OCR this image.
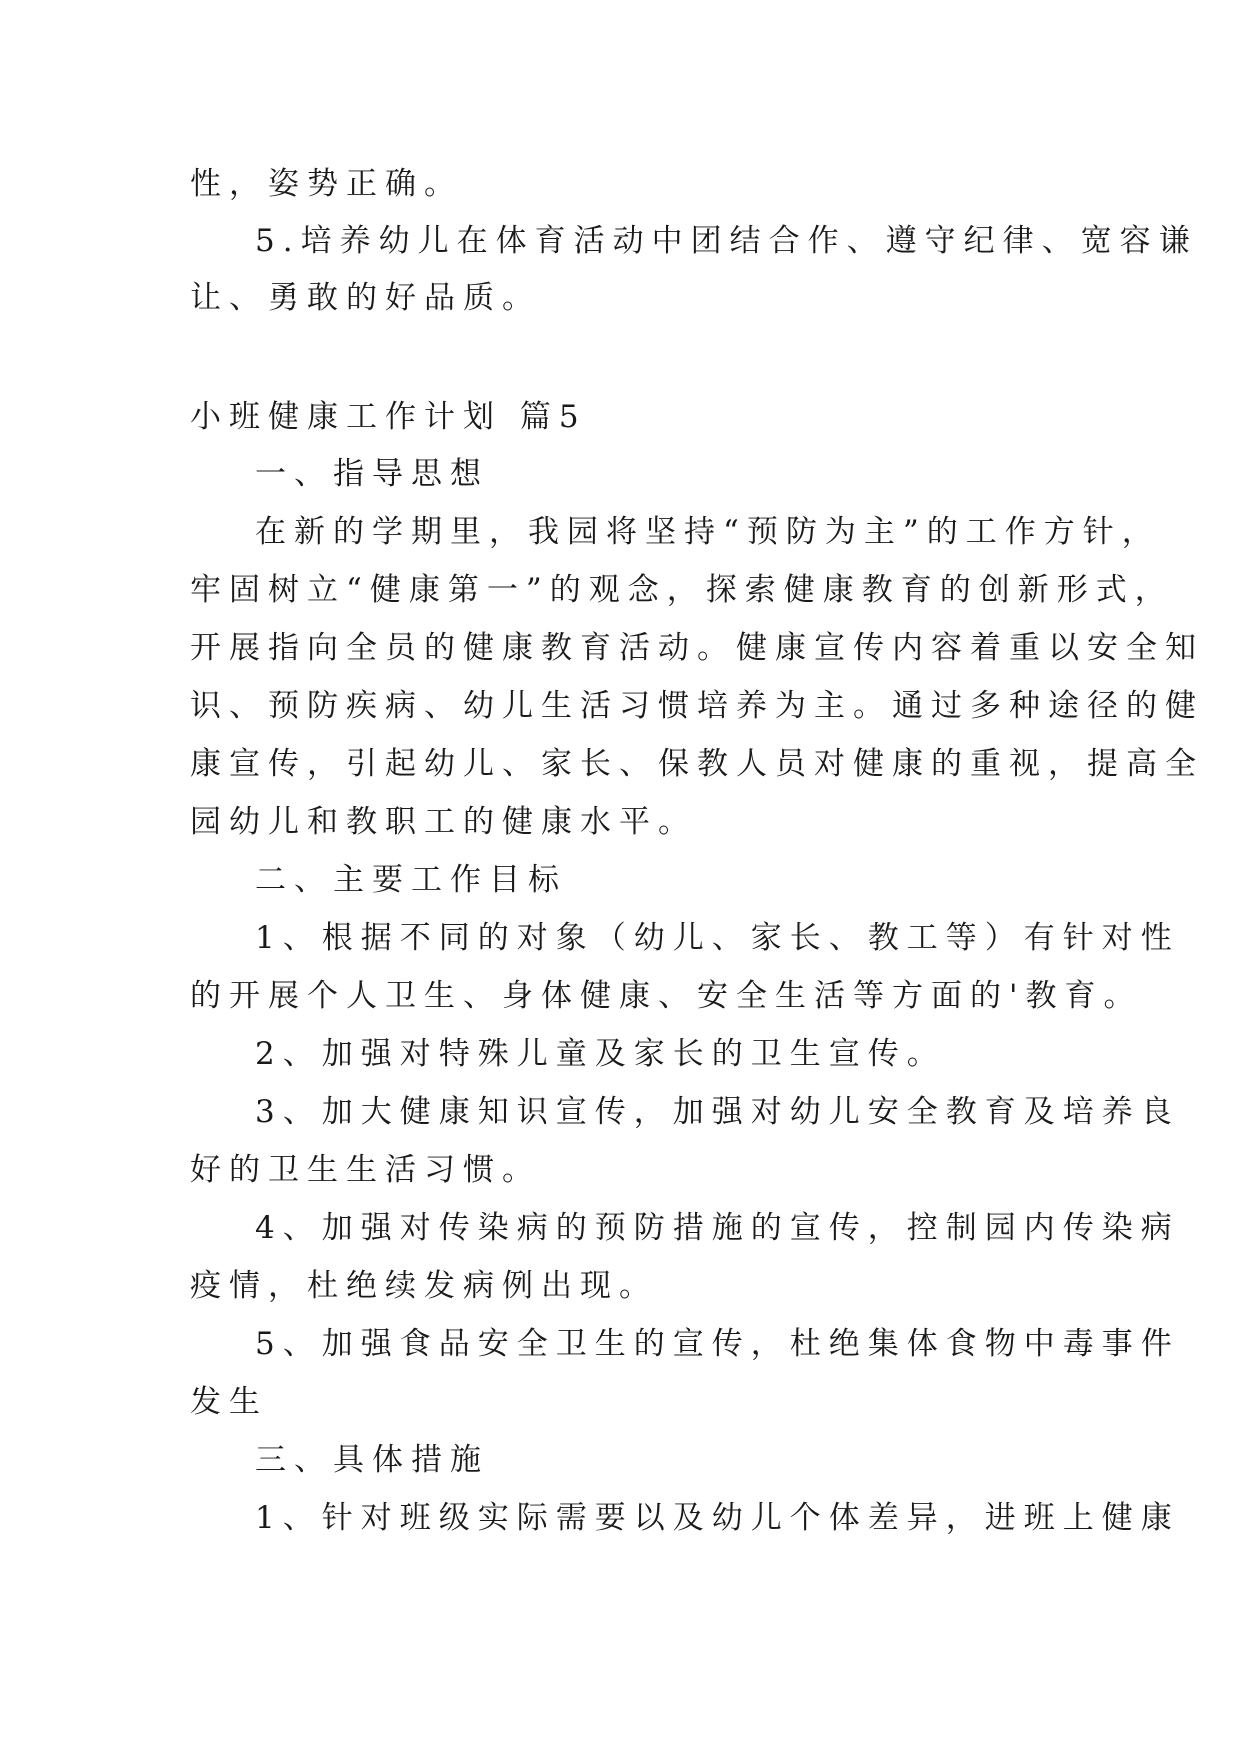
性，姿势正确。
5.培养幼儿在体育活动中团结合作、遵守纪律、宽容谦
让、勇敢的好品质。
小班健康工作计划 篇5
一、指导思想
在新的学期里，我园将坚持“预防为主”的工作方针，
牢固树立“健康第一”的观念，探索健康教育的创新形式，
开展指向全员的健康教育活动。健康宣传内容着重以安全知
识、预防疾病、幼儿生活习惯培养为主。通过多种途径的健
康宣传，引起幼儿、家长、保教人员对健康的重视，提高全
园幼儿和教职工的健康水平。
二、主要工作目标
1、根据不同的对象（幼儿、家长、教工等）有针对性
的开展个人卫生、身体健康、安全生活等方面的'教育。
2、加强对特殊儿童及家长的卫生宣传。
3、加大健康知识宣传，加强对幼儿安全教育及培养良
好的卫生生活习惯。
4、加强对传染病的预防措施的宣传，控制园内传染病
疫情，杜绝续发病例出现。
5、加强食品安全卫生的宣传，杜绝集体食物中毒事件
发生
三、具体措施
1、针对班级实际需要以及幼儿个体差异，进班上健康
